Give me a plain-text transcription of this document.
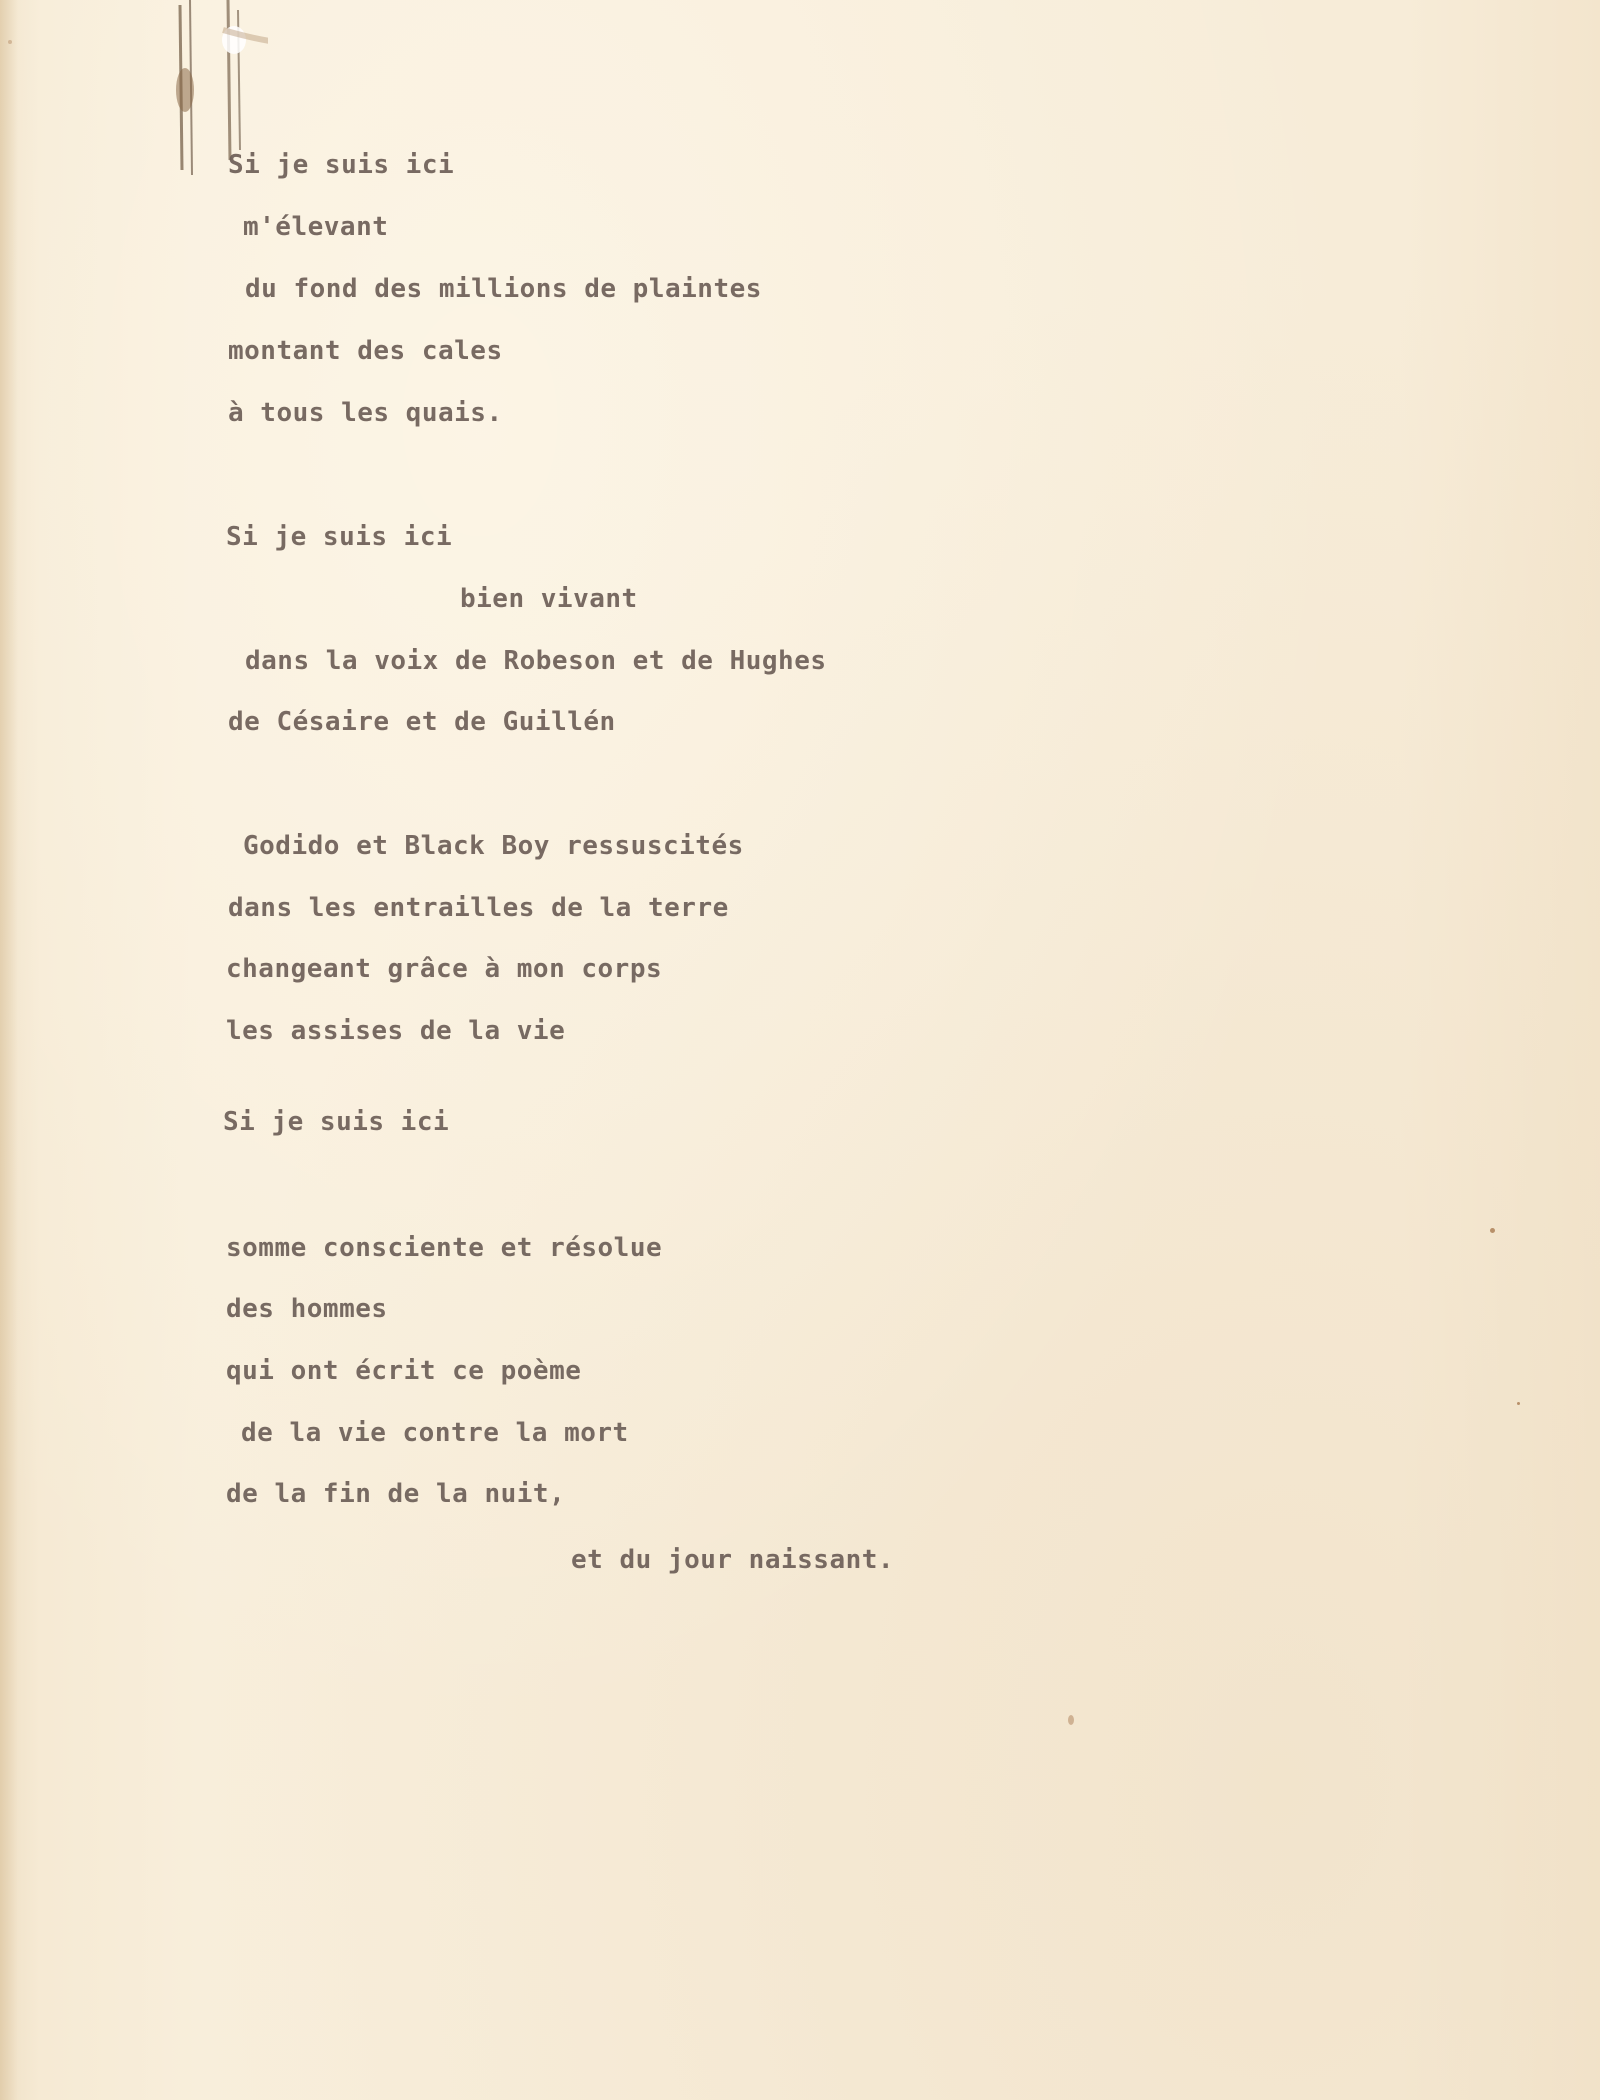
Si je suis ici

m'élevant

du fond des millions de plaintes

montant des cales

à tous les quais.

Si je suis ici

bien vivant

dans la voix de Robeson et de Hughes

de Césaire et de Guillén

Godido et Black Boy ressuscités

dans les entrailles de la terre

changeant grâce à mon corps

les assises de la vie

Si je suis ici

somme consciente et résolue

des hommes

qui ont écrit ce poème

de la vie contre la mort

de la fin de la nuit,

et du jour naissant.
